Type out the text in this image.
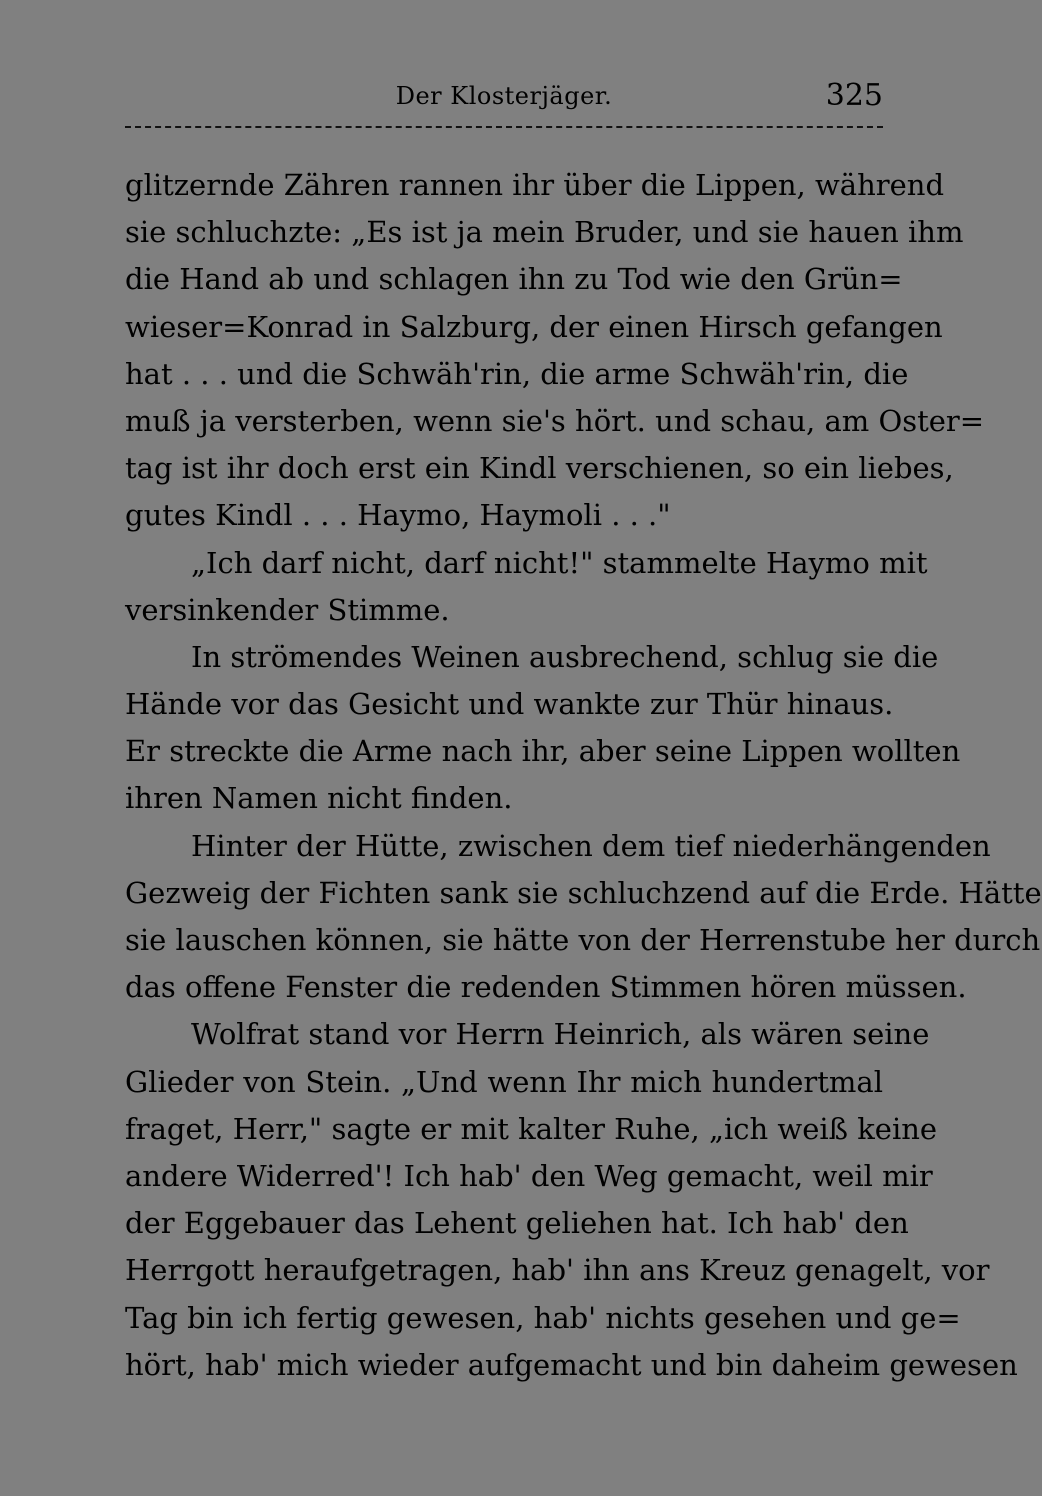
Der Klosterjäger.	325
glitzernde Zähren rannen ihr über die Lippen, während
sie schluchzte: „Es ist ja mein Bruder, und sie hauen ihm
die Hand ab und schlagen ihn zu Tod wie den Grün=
wieser=Konrad in Salzburg, der einen Hirsch gefangen
hat . . . und die Schwäh'rin, die arme Schwäh'rin, die
muß ja versterben, wenn sie's hört. und schau, am Oster=
tag ist ihr doch erst ein Kindl verschienen, so ein liebes,
gutes Kindl . . . Haymo, Haymoli . . ."
„Ich darf nicht, darf nicht!" stammelte Haymo mit
versinkender Stimme.
In strömendes Weinen ausbrechend, schlug sie die
Hände vor das Gesicht und wankte zur Thür hinaus.
Er streckte die Arme nach ihr, aber seine Lippen wollten
ihren Namen nicht finden.
Hinter der Hütte, zwischen dem tief niederhängenden
Gezweig der Fichten sank sie schluchzend auf die Erde. Hätte
sie lauschen können, sie hätte von der Herrenstube her durch
das offene Fenster die redenden Stimmen hören müssen.
Wolfrat stand vor Herrn Heinrich, als wären seine
Glieder von Stein. „Und wenn Ihr mich hundertmal
fraget, Herr," sagte er mit kalter Ruhe, „ich weiß keine
andere Widerred'! Ich hab' den Weg gemacht, weil mir
der Eggebauer das Lehent geliehen hat. Ich hab' den
Herrgott heraufgetragen, hab' ihn ans Kreuz genagelt, vor
Tag bin ich fertig gewesen, hab' nichts gesehen und ge=
hört, hab' mich wieder aufgemacht und bin daheim gewesen
